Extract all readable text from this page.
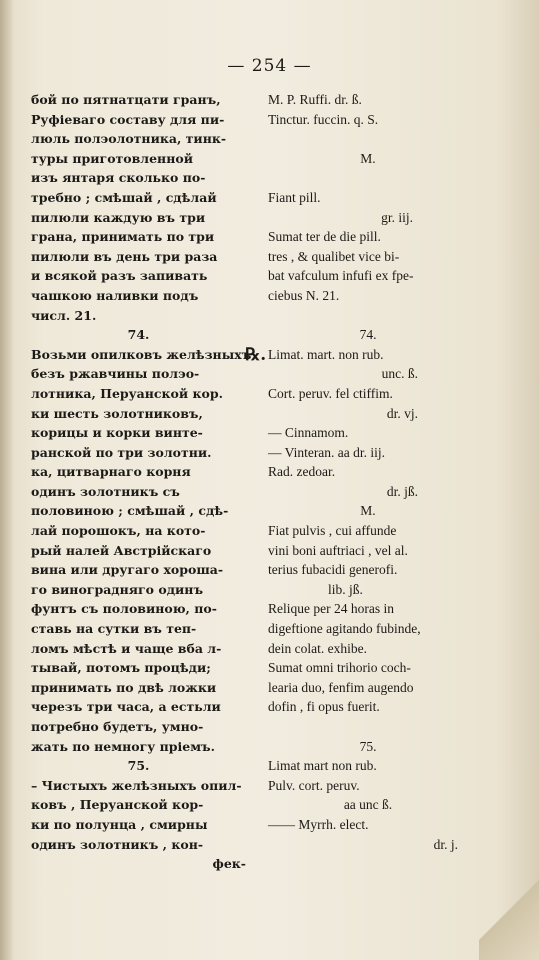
— 254 —
бой по пятнатцати гранъ,
Руфіеваго составу для пи-
люль полэолотника, тинк-
туры приготовленной
изъ янтаря сколько по-
требно ; смѣшай , сдѣлай
пилюли каждую въ три
грана, принимать по три
пилюли въ день три раза
и всякой разъ запивать
чашкою наливки подъ
числ. 21.
74.
Возьми опилковъ желѣзныхъ
безъ ржавчины полэо-
лотника, Перуанской кор.
ки шесть золотниковъ,
корицы и корки винте-
ранской по три золотни.
ка, цитварнаго корня
одинъ золотникъ съ
половиною ; смѣшай , сдѣ-
лай порошокъ, на кото-
рый налей Австрійскаго
вина или другаго хороша-
го виноградняго одинъ
фунтъ съ половиною, по-
ставь на сутки въ теп-
ломъ мѣстѣ и чаще вба л-
тывай, потомъ процѣди;
принимать по двѣ ложки
черезъ три часа, а естьли
потребно будетъ, умно-
жать по немногу пріемъ.
75.
– Чистыхъ желѣзныхъ опил-
ковъ , Перуанской кор-
ки по полунца , смирны
одинъ золотникъ , кон-
фек-
℞.
M. P. Ruffi. dr. ß.
Tinctur. fuccin. q. S.
M.
Fiant pill.
gr. iij.
Sumat ter de die pill.
tres , & qualibet vice bi-
bat vafculum infufi ex fpe-
ciebus N. 21.
74.
Limat. mart. non rub.
unc. ß.
Cort. peruv. fel ctiffim.
dr. vj.
— Cinnamom.
— Vinteran. aa dr. iij.
Rad. zedoar.
dr. jß.
M.
Fiat pulvis , cui affunde
vini boni auftriaci , vel al.
terius fubacidi generofi.
lib. jß.
Relique per 24 horas in
digeftione agitando fubinde,
dein colat. exhibe.
Sumat omni trihorio coch-
learia duo, fenfim augendo
dofin , fi opus fuerit.
75.
Limat mart non rub.
Pulv. cort. peruv.
aa unc ß.
—— Myrrh. elect.
dr. j.
